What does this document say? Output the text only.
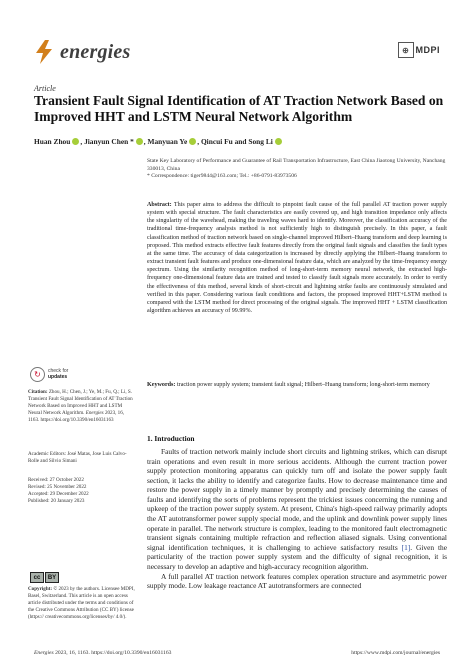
energies	⊕ MDPI
Article
Transient Fault Signal Identification of AT Traction Network Based on Improved HHT and LSTM Neural Network Algorithm
Huan Zhou , Jianyun Chen * , Manyuan Ye , Qincui Fu and Song Li
State Key Laboratory of Performance and Guarantee of Rail Transportation Infrastructure, East China Jiaotong University, Nanchang 330013, China
* Correspondence: tiger9844@163.com; Tel.: +86-0791-83973506
Abstract: This paper aims to address the difficult to pinpoint fault cause of the full parallel AT traction power supply system with special structure. The fault characteristics are easily covered up, and high transition impedance only affects the singularity of the wavehead, making the traveling waves hard to identify. Moreover, the classification accuracy of the traditional time-frequency analysis method is not sufficiently high to distinguish precisely. In this paper, a fault classification method of traction network based on single-channel improved Hilbert–Huang transform and deep learning is proposed. This method extracts effective fault features directly from the original fault signals and classifies the fault types at the same time. The accuracy of data categorization is increased by directly applying the Hilbert–Huang transform to extract transient fault features and produce one-dimensional feature data, which are analyzed by the time-frequency energy spectrum. Using the similarity recognition method of long-short-term memory neural network, the extracted high-frequency one-dimensional feature data are trained and tested to classify fault signals more accurately. In order to verify the effectiveness of this method, several kinds of short-circuit and lightning strike faults are continuously simulated and verified in this paper. Considering various fault conditions and factors, the proposed improved HHT+LSTM method is compared with the LSTM method for direct processing of the original signals. The improved HHT + LSTM classification algorithm achieves an accuracy of 99.99%.
Keywords: traction power supply system; transient fault signal; Hilbert–Huang transform; long-short-term memory
↻	check for
updates
Citation: Zhou, H.; Chen, J.; Ye, M.; Fu, Q.; Li, S. Transient Fault Signal Identification of AT Traction Network Based on Improved HHT and LSTM Neural Network Algorithm. Energies 2023, 16, 1163. https://doi.org/10.3390/en16031163
Academic Editors: José Matas, Jose Luis Calvo-Rolle and Silvio Simani
Received: 27 October 2022
Revised: 25 November 2022
Accepted: 29 December 2022
Published: 20 January 2023
cc	BY
Copyright: © 2023 by the authors. Licensee MDPI, Basel, Switzerland. This article is an open access article distributed under the terms and conditions of the Creative Commons Attribution (CC BY) license (https:// creativecommons.org/licenses/by/ 4.0/).
1. Introduction

Faults of traction network mainly include short circuits and lightning strikes, which can disrupt train operations and even result in more serious accidents. Although the current traction power supply protection monitoring apparatus can quickly turn off and isolate the power supply fault section, it lacks the ability to identify and categorize faults. How to decrease maintenance time and restore the power supply in a timely manner by promptly and precisely determining the causes of faults and identifying the sorts of problems represent the trickiest issues concerning the running and upkeep of the traction power supply system. At present, China's high-speed railway primarily adopts the AT autotransformer power supply special mode, and the uplink and downlink power supply lines operate in parallel. The network structure is complex, leading to the monitored fault electromagnetic transient signals containing multiple refraction and reflection aliased signals. Using conventional signal identification techniques, it is challenging to achieve satisfactory results [1]. Given the particularity of the traction power supply system and the difficulty of signal recognition, it is necessary to develop an adaptive and high-accuracy recognition algorithm.

A full parallel AT traction network features complex operation structure and asymmetric power supply mode. Low leakage reactance AT autotransformers are connected

Energies 2023, 16, 1163. https://doi.org/10.3390/en16031163	https://www.mdpi.com/journal/energies
